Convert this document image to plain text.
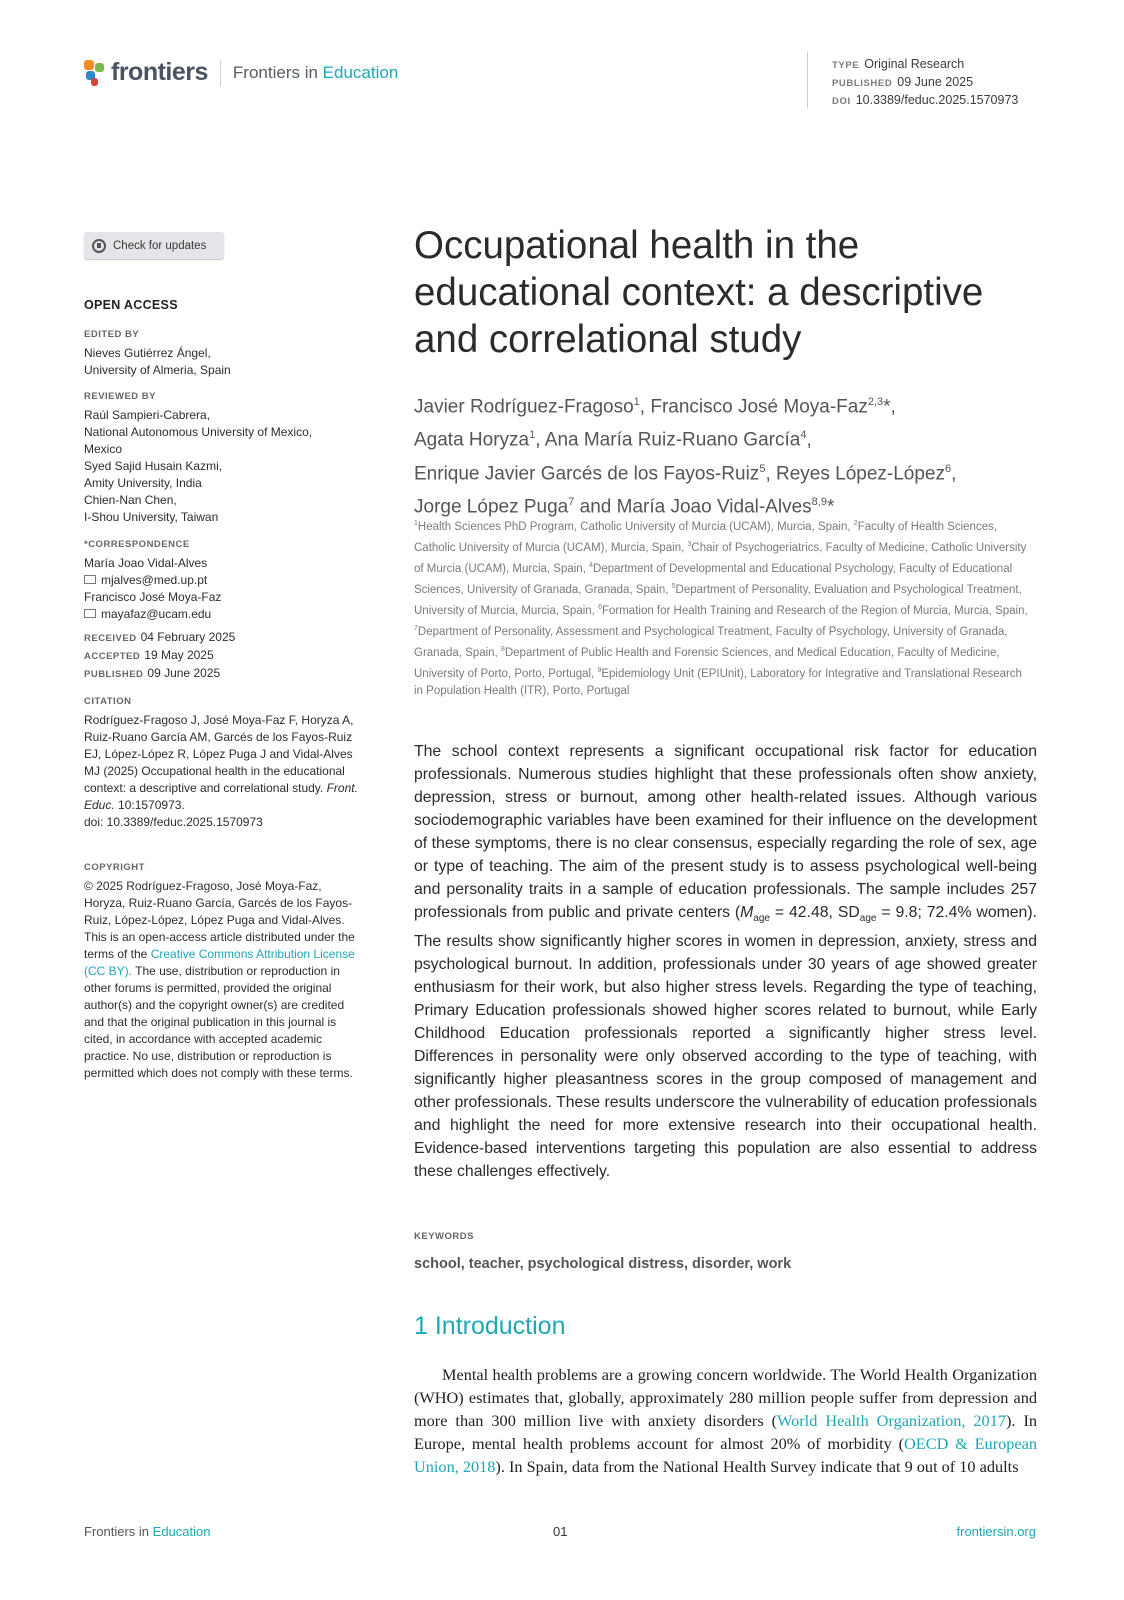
frontiers Frontiers in Education	TYPE Original Research
PUBLISHED 09 June 2025
DOI 10.3389/feduc.2025.1570973
Check for updates
OPEN ACCESS
EDITED BY
Nieves Gutiérrez Ángel,
University of Almeria, Spain
REVIEWED BY
Raúl Sampieri-Cabrera,
National Autonomous University of Mexico,
Mexico
Syed Sajid Husain Kazmi,
Amity University, India
Chien-Nan Chen,
I-Shou University, Taiwan
*CORRESPONDENCE
María Joao Vidal-Alves
mjalves@med.up.pt
Francisco José Moya-Faz
mayafaz@ucam.edu
RECEIVED 04 February 2025
ACCEPTED 19 May 2025
PUBLISHED 09 June 2025
CITATION
Rodríguez-Fragoso J, José Moya-Faz F, Horyza A, Ruiz-Ruano García AM, Garcés de los Fayos-Ruiz EJ, López-López R, López Puga J and Vidal-Alves MJ (2025) Occupational health in the educational context: a descriptive and correlational study. Front. Educ. 10:1570973.
doi: 10.3389/feduc.2025.1570973
COPYRIGHT
© 2025 Rodríguez-Fragoso, José Moya-Faz, Horyza, Ruiz-Ruano García, Garcés de los Fayos-Ruiz, López-López, López Puga and Vidal-Alves. This is an open-access article distributed under the terms of the Creative Commons Attribution License (CC BY). The use, distribution or reproduction in other forums is permitted, provided the original author(s) and the copyright owner(s) are credited and that the original publication in this journal is cited, in accordance with accepted academic practice. No use, distribution or reproduction is permitted which does not comply with these terms.
Occupational health in the educational context: a descriptive and correlational study
Javier Rodríguez-Fragoso$^1$, Francisco José Moya-Faz$^{2,3}$*,
Agata Horyza$^1$, Ana María Ruiz-Ruano García$^4$,
Enrique Javier Garcés de los Fayos-Ruiz$^5$, Reyes López-López$^6$,
Jorge López Puga$^7$ and María Joao Vidal-Alves$^{8,9}$*
$^1$Health Sciences PhD Program, Catholic University of Murcia (UCAM), Murcia, Spain, $^2$Faculty of Health Sciences, Catholic University of Murcia (UCAM), Murcia, Spain, $^3$Chair of Psychogeriatrics, Faculty of Medicine, Catholic University of Murcia (UCAM), Murcia, Spain, $^4$Department of Developmental and Educational Psychology, Faculty of Educational Sciences, University of Granada, Granada, Spain, $^5$Department of Personality, Evaluation and Psychological Treatment, University of Murcia, Murcia, Spain, $^6$Formation for Health Training and Research of the Region of Murcia, Murcia, Spain, $^7$Department of Personality, Assessment and Psychological Treatment, Faculty of Psychology, University of Granada, Granada, Spain, $^8$Department of Public Health and Forensic Sciences, and Medical Education, Faculty of Medicine, University of Porto, Porto, Portugal, $^9$Epidemiology Unit (EPIUnit), Laboratory for Integrative and Translational Research in Population Health (ITR), Porto, Portugal
The school context represents a significant occupational risk factor for education professionals. Numerous studies highlight that these professionals often show anxiety, depression, stress or burnout, among other health-related issues. Although various sociodemographic variables have been examined for their influence on the development of these symptoms, there is no clear consensus, especially regarding the role of sex, age or type of teaching. The aim of the present study is to assess psychological well-being and personality traits in a sample of education professionals. The sample includes 257 professionals from public and private centers ($M_{age} = 42.48$, $SD_{age} = 9.8$; 72.4% women). The results show significantly higher scores in women in depression, anxiety, stress and psychological burnout. In addition, professionals under 30 years of age showed greater enthusiasm for their work, but also higher stress levels. Regarding the type of teaching, Primary Education professionals showed higher scores related to burnout, while Early Childhood Education professionals reported a significantly higher stress level. Differences in personality were only observed according to the type of teaching, with significantly higher pleasantness scores in the group composed of management and other professionals. These results underscore the vulnerability of education professionals and highlight the need for more extensive research into their occupational health. Evidence-based interventions targeting this population are also essential to address these challenges effectively.
KEYWORDS
school, teacher, psychological distress, disorder, work
1 Introduction
Mental health problems are a growing concern worldwide. The World Health Organization (WHO) estimates that, globally, approximately 280 million people suffer from depression and more than 300 million live with anxiety disorders (World Health Organization, 2017). In Europe, mental health problems account for almost 20% of morbidity (OECD & European Union, 2018). In Spain, data from the National Health Survey indicate that 9 out of 10 adults
Frontiers in Education	01	frontiersin.org
